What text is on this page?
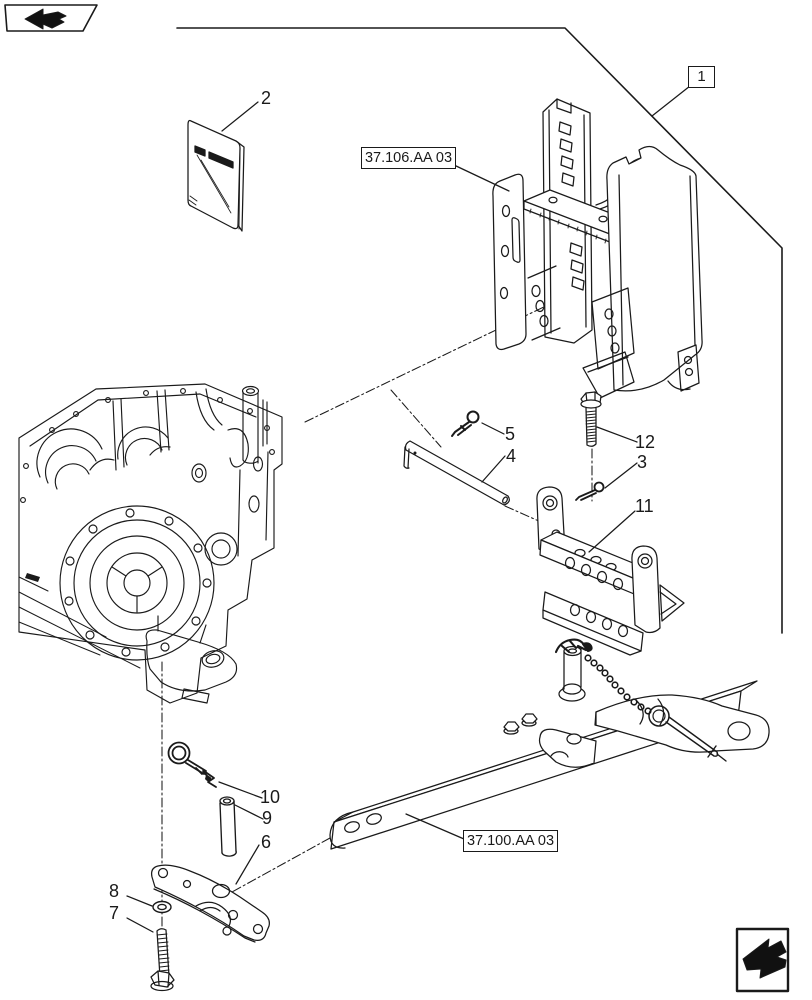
37.106.AA 03
37.100.AA 03
1
2
3
4
5
6
7
8
9
10
11
12
